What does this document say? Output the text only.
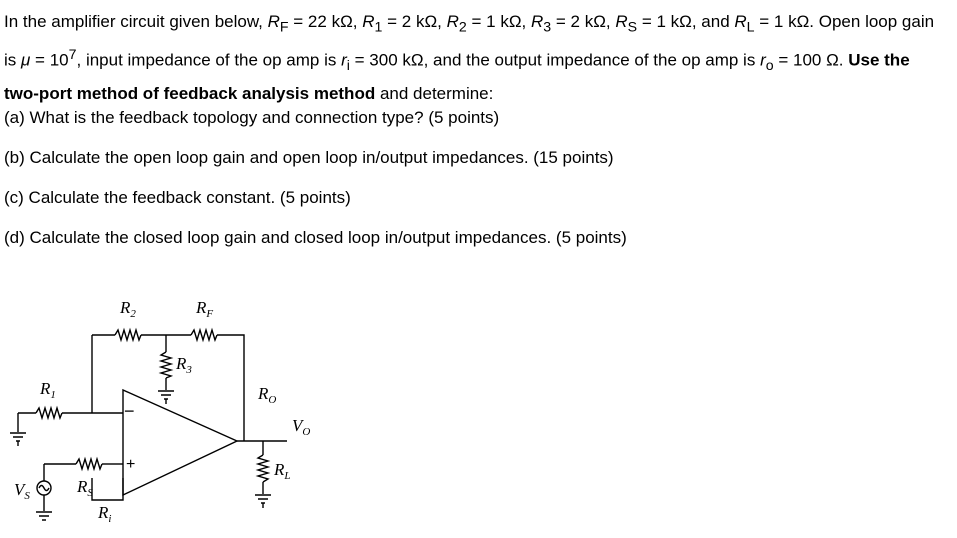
In the amplifier circuit given below, $R_F = 22$ kΩ, $R_1 = 2$ kΩ, $R_2 = 1$ kΩ, $R_3 = 2$ kΩ, $R_S = 1$ kΩ, and $R_L = 1$ kΩ. Open loop gain is $\mu = 10^7$, input impedance of the op amp is $r_i = 300$ kΩ, and the output impedance of the op amp is $r_o = 100$ Ω. Use the two-port method of feedback analysis method and determine:

(a) What is the feedback topology and connection type? (5 points)

(b) Calculate the open loop gain and open loop in/output impedances. (15 points)

(c) Calculate the feedback constant. (5 points)

(d) Calculate the closed loop gain and closed loop in/output impedances. (5 points)

$R_2$	$R_F$
$R_3$
$R_1$	$R_O$
$V_O$
$R_L$
$V_S$	$R_S$
$R_i$
−
+
